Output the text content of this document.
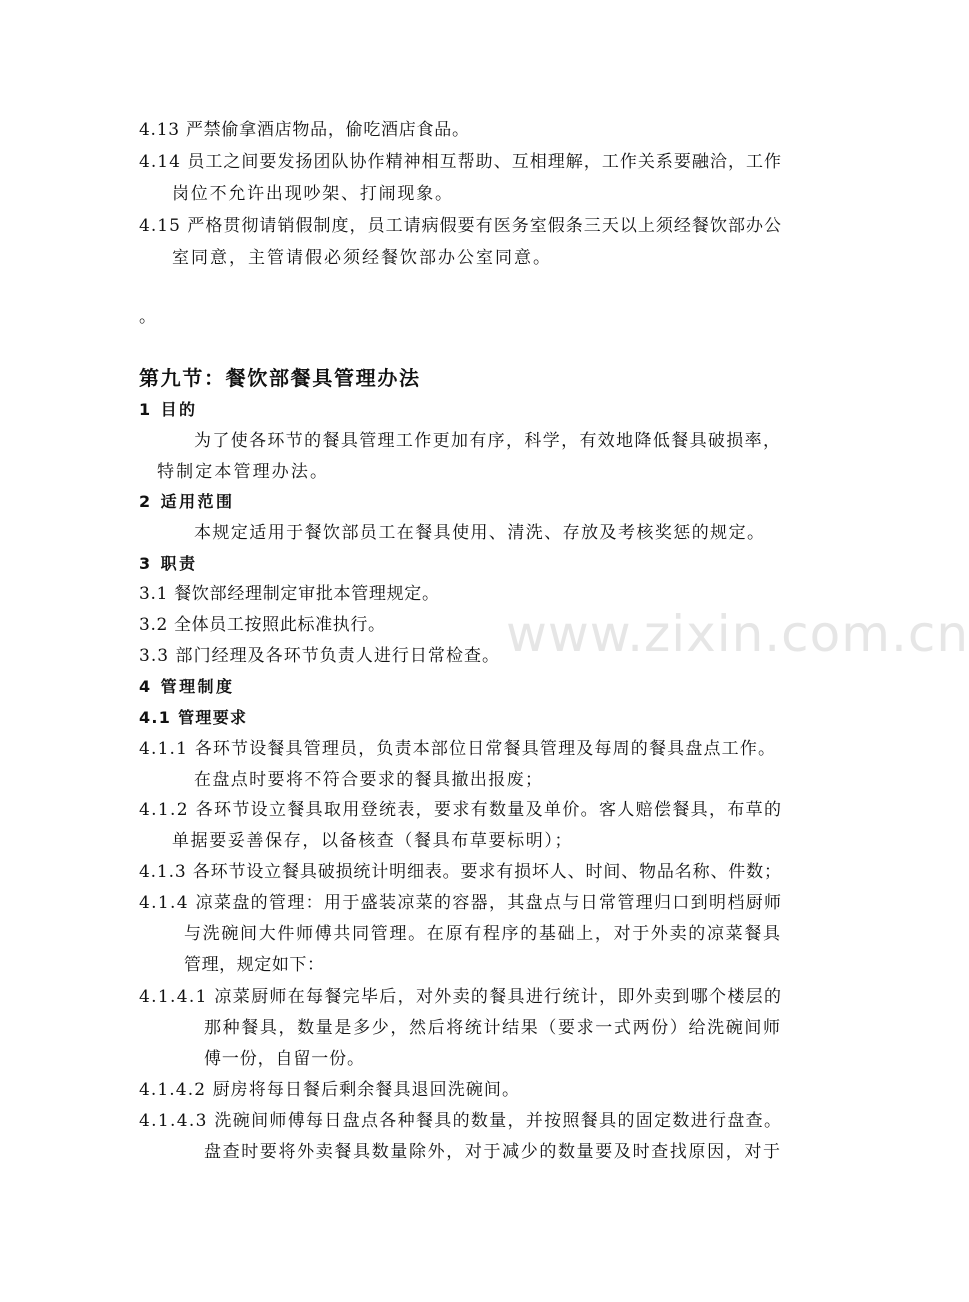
www.zixin.com.cn
4.13 严禁偷拿酒店物品，偷吃酒店食品。
4.14 员工之间要发扬团队协作精神相互帮助、互相理解，工作关系要融洽，工作
岗位不允许出现吵架、打闹现象。
4.15 严格贯彻请销假制度，员工请病假要有医务室假条三天以上须经餐饮部办公
室同意，主管请假必须经餐饮部办公室同意。
。
第九节：餐饮部餐具管理办法
1 目的
为了使各环节的餐具管理工作更加有序，科学，有效地降低餐具破损率，
特制定本管理办法。
2 适用范围
本规定适用于餐饮部员工在餐具使用、清洗、存放及考核奖惩的规定。
3 职责
3.1 餐饮部经理制定审批本管理规定。
3.2 全体员工按照此标准执行。
3.3 部门经理及各环节负责人进行日常检查。
4 管理制度
4.1 管理要求
4.1.1 各环节设餐具管理员，负责本部位日常餐具管理及每周的餐具盘点工作。
在盘点时要将不符合要求的餐具撤出报废；
4.1.2 各环节设立餐具取用登统表，要求有数量及单价。客人赔偿餐具，布草的
单据要妥善保存，以备核查（餐具布草要标明）；
4.1.3 各环节设立餐具破损统计明细表。要求有损坏人、时间、物品名称、件数；
4.1.4 凉菜盘的管理：用于盛装凉菜的容器，其盘点与日常管理归口到明档厨师
与洗碗间大件师傅共同管理。在原有程序的基础上，对于外卖的凉菜餐具
管理，规定如下：
4.1.4.1 凉菜厨师在每餐完毕后，对外卖的餐具进行统计，即外卖到哪个楼层的
那种餐具，数量是多少，然后将统计结果（要求一式两份）给洗碗间师
傅一份，自留一份。
4.1.4.2 厨房将每日餐后剩余餐具退回洗碗间。
4.1.4.3 洗碗间师傅每日盘点各种餐具的数量，并按照餐具的固定数进行盘查。
盘查时要将外卖餐具数量除外，对于减少的数量要及时查找原因，对于
